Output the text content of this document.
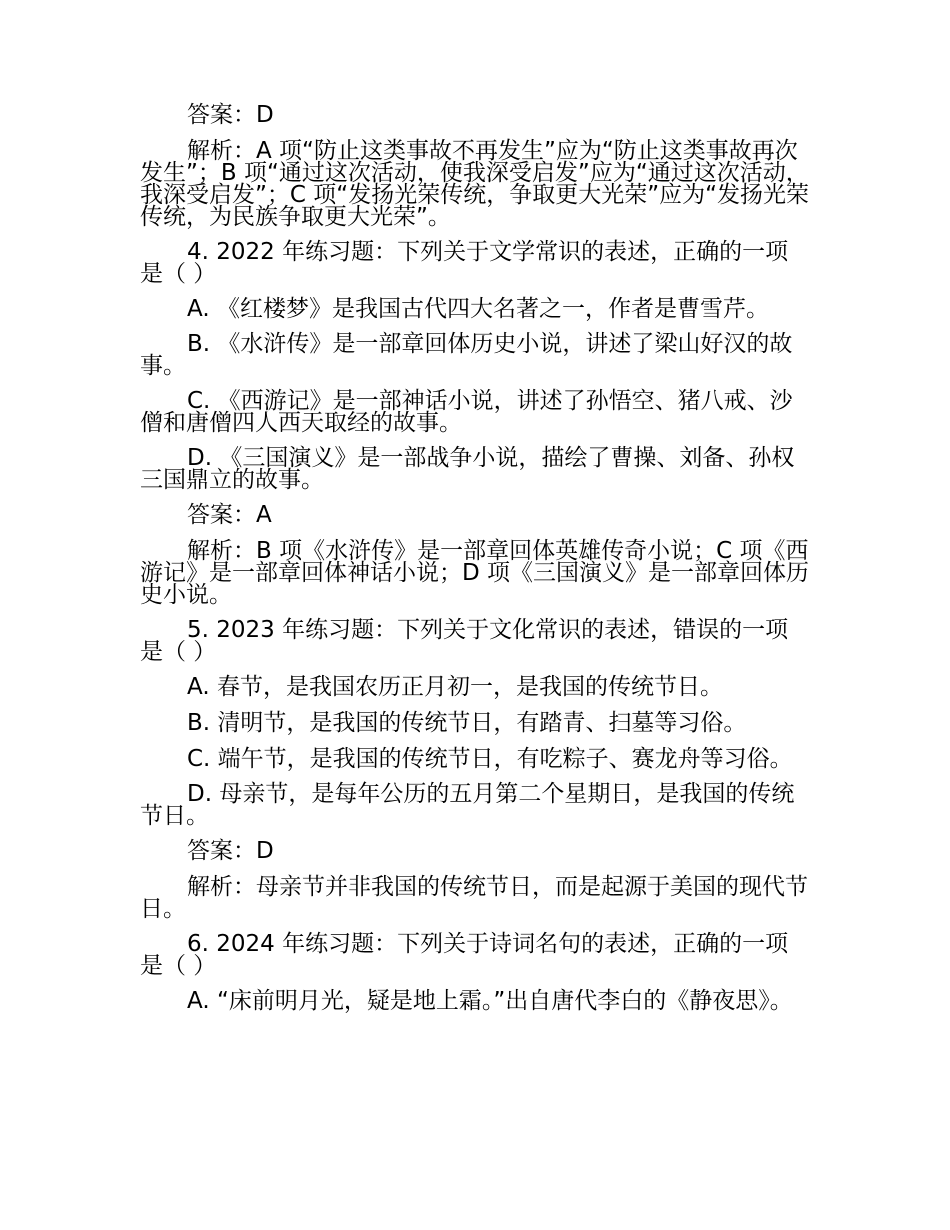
答案：D

解析：A 项“防止这类事故不再发生”应为“防止这类事故再次发生”；B 项“通过这次活动，使我深受启发”应为“通过这次活动，我深受启发”；C 项“发扬光荣传统，争取更大光荣”应为“发扬光荣传统，为民族争取更大光荣”。

4. 2022 年练习题：下列关于文学常识的表述，正确的一项是（ ）

A. 《红楼梦》是我国古代四大名著之一，作者是曹雪芹。

B. 《水浒传》是一部章回体历史小说，讲述了梁山好汉的故事。

C. 《西游记》是一部神话小说，讲述了孙悟空、猪八戒、沙僧和唐僧四人西天取经的故事。

D. 《三国演义》是一部战争小说，描绘了曹操、刘备、孙权三国鼎立的故事。

答案：A

解析：B 项《水浒传》是一部章回体英雄传奇小说；C 项《西游记》是一部章回体神话小说；D 项《三国演义》是一部章回体历史小说。

5. 2023 年练习题：下列关于文化常识的表述，错误的一项是（ ）

A. 春节，是我国农历正月初一，是我国的传统节日。

B. 清明节，是我国的传统节日，有踏青、扫墓等习俗。

C. 端午节，是我国的传统节日，有吃粽子、赛龙舟等习俗。

D. 母亲节，是每年公历的五月第二个星期日，是我国的传统节日。

答案：D

解析：母亲节并非我国的传统节日，而是起源于美国的现代节日。

6. 2024 年练习题：下列关于诗词名句的表述，正确的一项是（ ）

A. “床前明月光，疑是地上霜。”出自唐代李白的《静夜思》。
